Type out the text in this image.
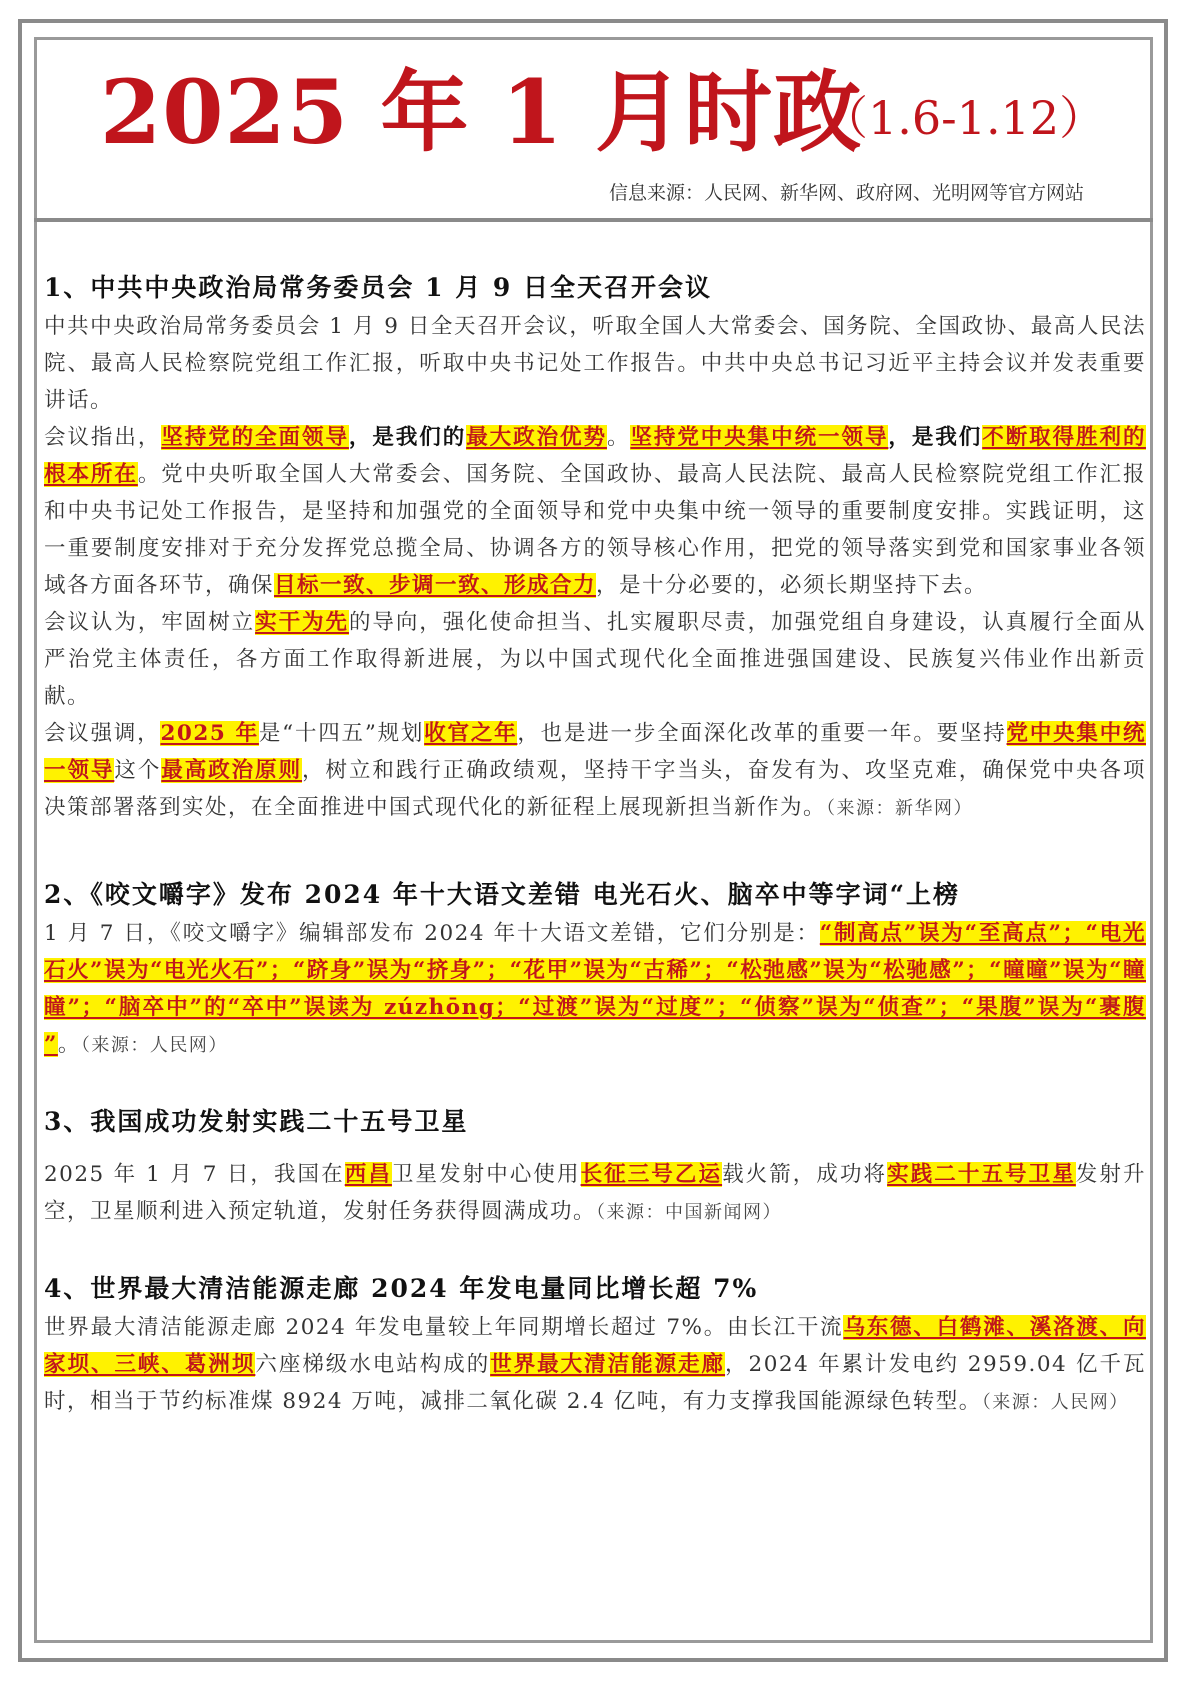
2025 年 1 月时政
（1.6-1.12）
信息来源：人民网、新华网、政府网、光明网等官方网站
1、中共中央政治局常务委员会 1 月 9 日全天召开会议

中共中央政治局常务委员会 1 月 9 日全天召开会议，听取全国人大常委会、国务院、全国政协、最高人民法院、最高人民检察院党组工作汇报，听取中央书记处工作报告。中共中央总书记习近平主持会议并发表重要讲话。

会议指出，坚持党的全面领导，是我们的最大政治优势。坚持党中央集中统一领导，是我们不断取得胜利的根本所在。党中央听取全国人大常委会、国务院、全国政协、最高人民法院、最高人民检察院党组工作汇报和中央书记处工作报告，是坚持和加强党的全面领导和党中央集中统一领导的重要制度安排。实践证明，这一重要制度安排对于充分发挥党总揽全局、协调各方的领导核心作用，把党的领导落实到党和国家事业各领域各方面各环节，确保目标一致、步调一致、形成合力，是十分必要的，必须长期坚持下去。

会议认为，牢固树立实干为先的导向，强化使命担当、扎实履职尽责，加强党组自身建设，认真履行全面从严治党主体责任，各方面工作取得新进展，为以中国式现代化全面推进强国建设、民族复兴伟业作出新贡献。

会议强调，2025 年是“十四五”规划收官之年，也是进一步全面深化改革的重要一年。要坚持党中央集中统一领导这个最高政治原则，树立和践行正确政绩观，坚持干字当头，奋发有为、攻坚克难，确保党中央各项决策部署落到实处，在全面推进中国式现代化的新征程上展现新担当新作为。（来源：新华网）

2、《咬文嚼字》发布 2024 年十大语文差错 电光石火、脑卒中等字词“上榜

1 月 7 日，《咬文嚼字》编辑部发布 2024 年十大语文差错，它们分别是：“制高点”误为“至高点”；“电光石火”误为“电光火石”；“跻身”误为“挤身”；“花甲”误为“古稀”；“松弛感”误为“松驰感”；“曈曈”误为“瞳瞳”；“脑卒中”的“卒中”误读为 zúzhōng；“过渡”误为“过度”；“侦察”误为“侦查”；“果腹”误为“裹腹 ”。（来源：人民网）

3、我国成功发射实践二十五号卫星

2025 年 1 月 7 日，我国在西昌卫星发射中心使用长征三号乙运载火箭，成功将实践二十五号卫星发射升空，卫星顺利进入预定轨道，发射任务获得圆满成功。（来源：中国新闻网）

4、世界最大清洁能源走廊 2024 年发电量同比增长超 7%

世界最大清洁能源走廊 2024 年发电量较上年同期增长超过 7%。由长江干流乌东德、白鹤滩、溪洛渡、向家坝、三峡、葛洲坝六座梯级水电站构成的世界最大清洁能源走廊，2024 年累计发电约 2959.04 亿千瓦时，相当于节约标准煤 8924 万吨，减排二氧化碳 2.4 亿吨，有力支撑我国能源绿色转型。（来源：人民网）
